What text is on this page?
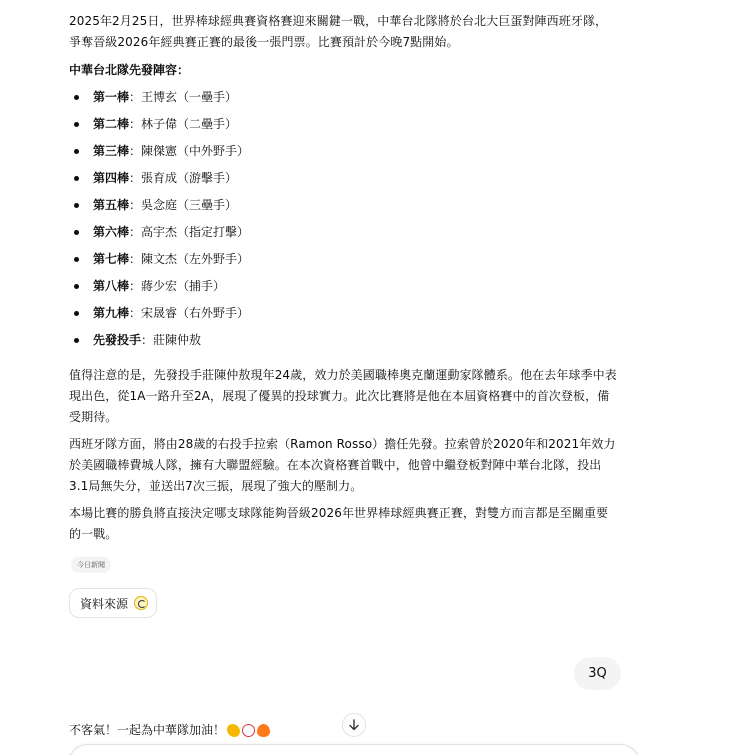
2025年2月25日，世界棒球經典賽資格賽迎來關鍵一戰，中華台北隊將於台北大巨蛋對陣西班牙隊，爭奪晉級2026年經典賽正賽的最後一張門票。比賽預計於今晚7點開始。

中華台北隊先發陣容：
第一棒：王博玄（一壘手）
第二棒：林子偉（二壘手）
第三棒：陳傑憲（中外野手）
第四棒：張育成（游擊手）
第五棒：吳念庭（三壘手）
第六棒：高宇杰（指定打擊）
第七棒：陳文杰（左外野手）
第八棒：蔣少宏（捕手）
第九棒：宋晟睿（右外野手）
先發投手：莊陳仲敖

值得注意的是，先發投手莊陳仲敖現年24歲，效力於美國職棒奧克蘭運動家隊體系。他在去年球季中表現出色，從1A一路升至2A，展現了優異的投球實力。此次比賽將是他在本屆資格賽中的首次登板，備受期待。

西班牙隊方面，將由28歲的右投手拉索（Ramon Rosso）擔任先發。拉索曾於2020年和2021年效力於美國職棒費城人隊，擁有大聯盟經驗。在本次資格賽首戰中，他曾中繼登板對陣中華台北隊，投出3.1局無失分，並送出7次三振，展現了強大的壓制力。

本場比賽的勝負將直接決定哪支球隊能夠晉級2026年世界棒球經典賽正賽，對雙方而言都是至關重要的一戰。

今日新聞
資料來源
3Q
不客氣！一起為中華隊加油！
